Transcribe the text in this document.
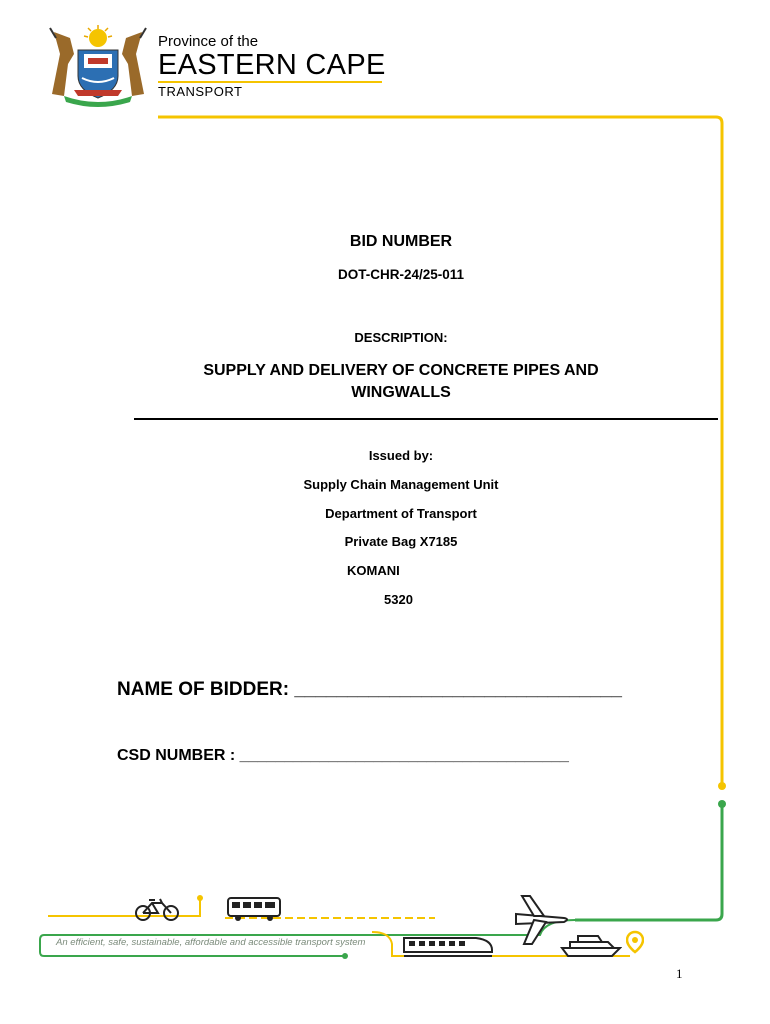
Province of the
EASTERN CAPE
TRANSPORT
BID NUMBER
DOT-CHR-24/25-011
DESCRIPTION:
SUPPLY AND DELIVERY OF CONCRETE PIPES AND
WINGWALLS
Issued by:
Supply Chain Management Unit
Department of Transport
Private Bag X7185
KOMANI
5320
NAME OF BIDDER: _______________________________
CSD NUMBER : _____________________________________
An efficient, safe, sustainable, affordable and accessible transport system
1
